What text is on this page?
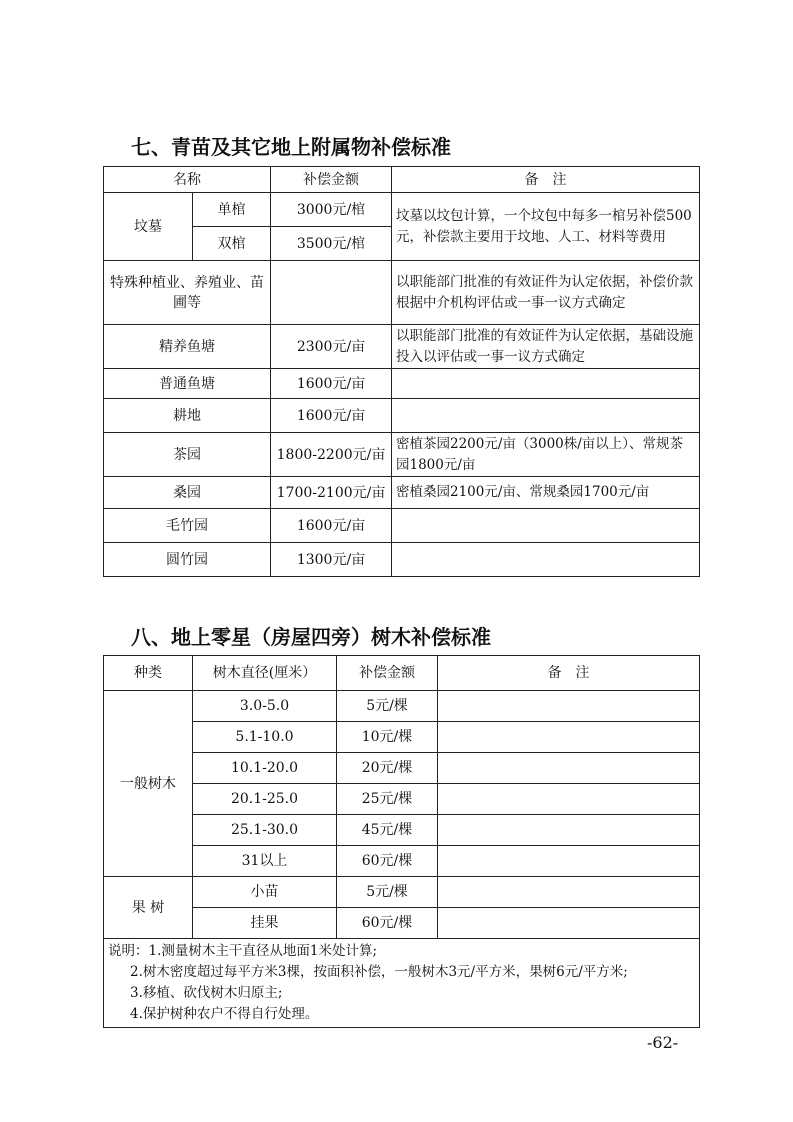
七、青苗及其它地上附属物补偿标准
名称		补偿金额	备　注
坟墓	单棺	3000元/棺	坟墓以坟包计算，一个坟包中每多一棺另补偿500元，补偿款主要用于坟地、人工、材料等费用
	双棺	3500元/棺	
特殊种植业、养殖业、苗圃等			以职能部门批准的有效证件为认定依据，补偿价款根据中介机构评估或一事一议方式确定
精养鱼塘		2300元/亩	以职能部门批准的有效证件为认定依据，基础设施投入以评估或一事一议方式确定
普通鱼塘		1600元/亩	
耕地		1600元/亩	
茶园		1800-2200元/亩	密植茶园2200元/亩（3000株/亩以上）、常规茶园1800元/亩
桑园		1700-2100元/亩	密植桑园2100元/亩、常规桑园1700元/亩
毛竹园		1600元/亩	
圆竹园		1300元/亩	
八、地上零星（房屋四旁）树木补偿标准
种类	树木直径(厘米）	补偿金额	备　注
一般树木	3.0-5.0	5元/棵	
	5.1-10.0	10元/棵	
	10.1-20.0	20元/棵	
	20.1-25.0	25元/棵	
	25.1-30.0	45元/棵	
	31以上	60元/棵	
果 树	小苗	5元/棵	
	挂果	60元/棵	

说明：1.测量树木主干直径从地面1米处计算;
2.树木密度超过每平方米3棵，按面积补偿，一般树木3元/平方米，果树6元/平方米;
3.移植、砍伐树木归原主;
4.保护树种农户不得自行处理。			
-62-
